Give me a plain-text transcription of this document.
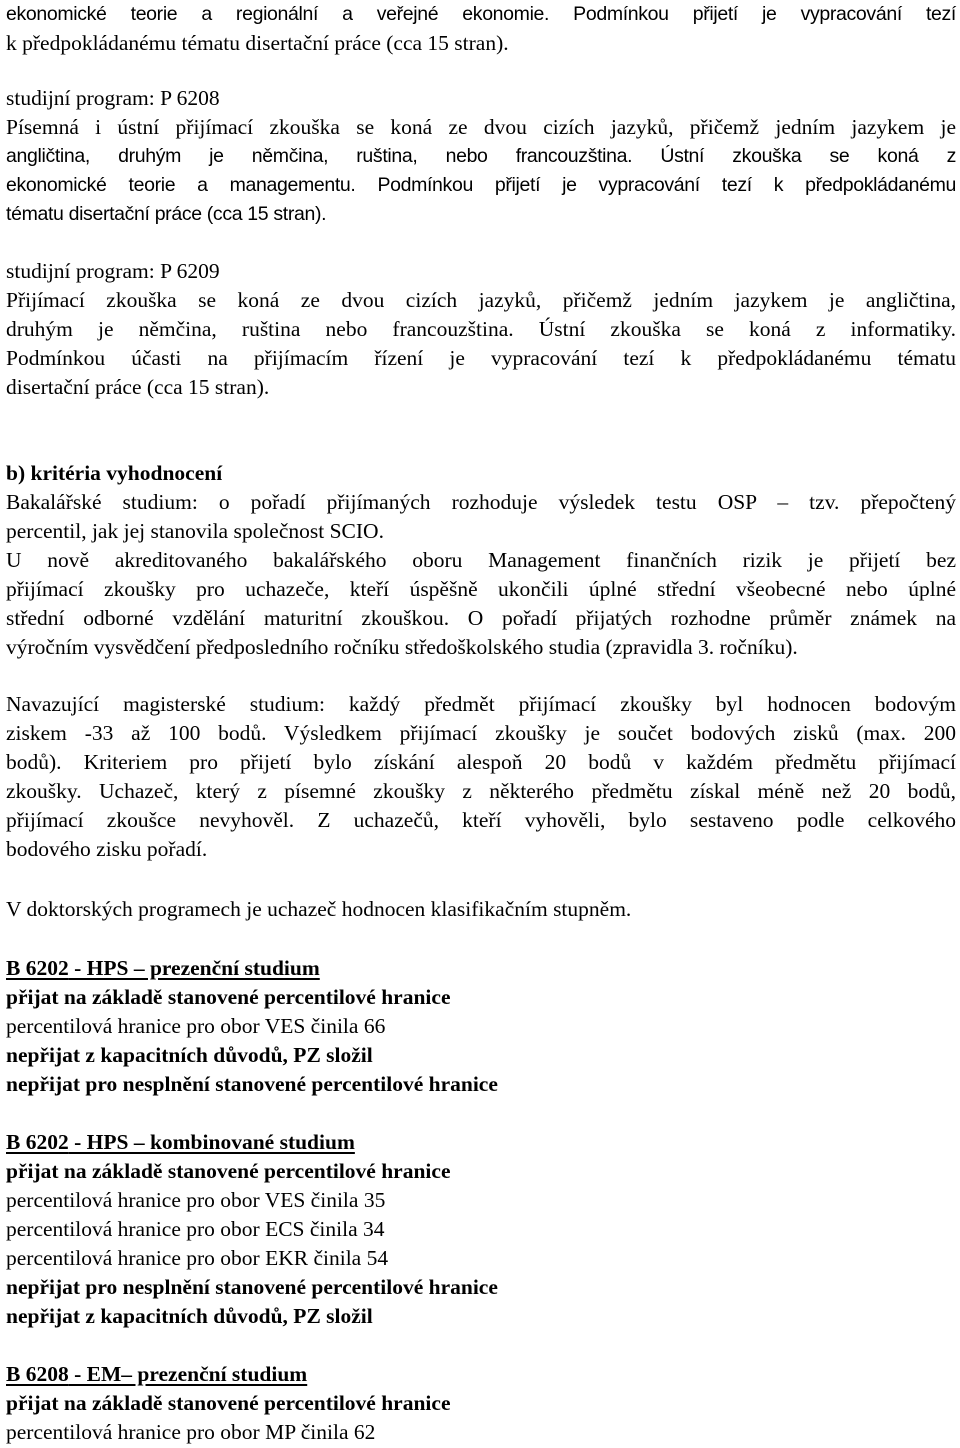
ekonomické teorie a regionální a veřejné ekonomie. Podmínkou přijetí je vypracování tezí
k předpokládanému tématu disertační práce (cca 15 stran).
studijní program: P 6208
Písemná i ústní přijímací zkouška se koná ze dvou cizích jazyků, přičemž jedním jazykem je
angličtina, druhým je němčina, ruština, nebo francouzština. Ústní zkouška se koná z
ekonomické teorie a managementu. Podmínkou přijetí je vypracování tezí k předpokládanému
tématu disertační práce (cca 15 stran).
studijní program: P 6209
Přijímací zkouška se koná ze dvou cizích jazyků, přičemž jedním jazykem je angličtina,
druhým je němčina, ruština nebo francouzština. Ústní zkouška se koná z informatiky.
Podmínkou účasti na přijímacím řízení je vypracování tezí k předpokládanému tématu
disertační práce (cca 15 stran).
b) kritéria vyhodnocení
Bakalářské studium: o pořadí přijímaných rozhoduje výsledek testu OSP – tzv. přepočtený
percentil, jak jej stanovila společnost SCIO.
U nově akreditovaného bakalářského oboru Management finančních rizik je přijetí bez
přijímací zkoušky pro uchazeče, kteří úspěšně ukončili úplné střední všeobecné nebo úplné
střední odborné vzdělání maturitní zkouškou. O pořadí přijatých rozhodne průměr známek na
výročním vysvědčení předposledního ročníku středoškolského studia (zpravidla 3. ročníku).
Navazující magisterské studium: každý předmět přijímací zkoušky byl hodnocen bodovým
ziskem -33 až 100 bodů. Výsledkem přijímací zkoušky je součet bodových zisků (max. 200
bodů). Kriteriem pro přijetí bylo získání alespoň 20 bodů v každém předmětu přijímací
zkoušky. Uchazeč, který z písemné zkoušky z některého předmětu získal méně než 20 bodů,
přijímací zkoušce nevyhověl. Z uchazečů, kteří vyhověli, bylo sestaveno podle celkového
bodového zisku pořadí.
V doktorských programech je uchazeč hodnocen klasifikačním stupněm.
B 6202 - HPS – prezenční studium
přijat na základě stanovené percentilové hranice
percentilová hranice pro obor VES činila 66
nepřijat z kapacitních důvodů, PZ složil
nepřijat pro nesplnění stanovené percentilové hranice
B 6202 - HPS – kombinované studium
přijat na základě stanovené percentilové hranice
percentilová hranice pro obor VES činila 35
percentilová hranice pro obor ECS činila 34
percentilová hranice pro obor EKR činila 54
nepřijat pro nesplnění stanovené percentilové hranice
nepřijat z kapacitních důvodů, PZ složil
B 6208 - EM– prezenční studium
přijat na základě stanovené percentilové hranice
percentilová hranice pro obor MP činila 62
